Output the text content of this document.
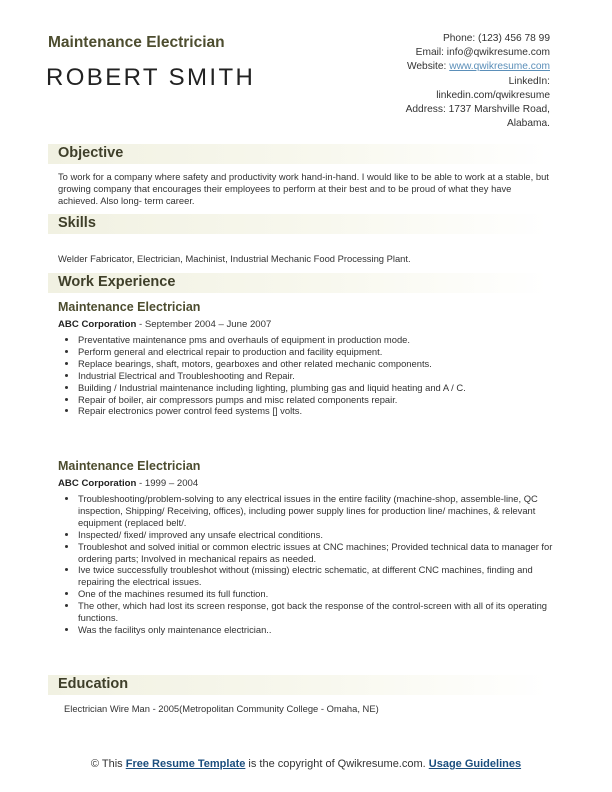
Maintenance Electrician
ROBERT SMITH
Phone: (123) 456 78 99
Email: info@qwikresume.com
Website: www.qwikresume.com
LinkedIn:
linkedin.com/qwikresume
Address: 1737 Marshville Road,
Alabama.
Objective
To work for a company where safety and productivity work hand-in-hand. I would like to be able to work at a stable, but growing company that encourages their employees to perform at their best and to be proud of what they have achieved. Also long- term career.
Skills
Welder Fabricator, Electrician, Machinist, Industrial Mechanic Food Processing Plant.
Work Experience
Maintenance Electrician
ABC Corporation - September 2004 – June 2007
• Preventative maintenance pms and overhauls of equipment in production mode.
• Perform general and electrical repair to production and facility equipment.
• Replace bearings, shaft, motors, gearboxes and other related mechanic components.
• Industrial Electrical and Troubleshooting and Repair.
• Building / Industrial maintenance including lighting, plumbing gas and liquid heating and A / C.
• Repair of boiler, air compressors pumps and misc related components repair.
• Repair electronics power control feed systems [] volts.
Maintenance Electrician
ABC Corporation - 1999 – 2004
• Troubleshooting/problem-solving to any electrical issues in the entire facility (machine-shop, assemble-line, QC inspection, Shipping/ Receiving, offices), including power supply lines for production line/ machines, & relevant equipment (replaced belt/.
• Inspected/ fixed/ improved any unsafe electrical conditions.
• Troubleshot and solved initial or common electric issues at CNC machines; Provided technical data to manager for ordering parts; Involved in mechanical repairs as needed.
• Ive twice successfully troubleshot without (missing) electric schematic, at different CNC machines, finding and repairing the electrical issues.
• One of the machines resumed its full function.
• The other, which had lost its screen response, got back the response of the control-screen with all of its operating functions.
• Was the facilitys only maintenance electrician..
Education
Electrician Wire Man - 2005(Metropolitan Community College - Omaha, NE)
© This Free Resume Template is the copyright of Qwikresume.com. Usage Guidelines
